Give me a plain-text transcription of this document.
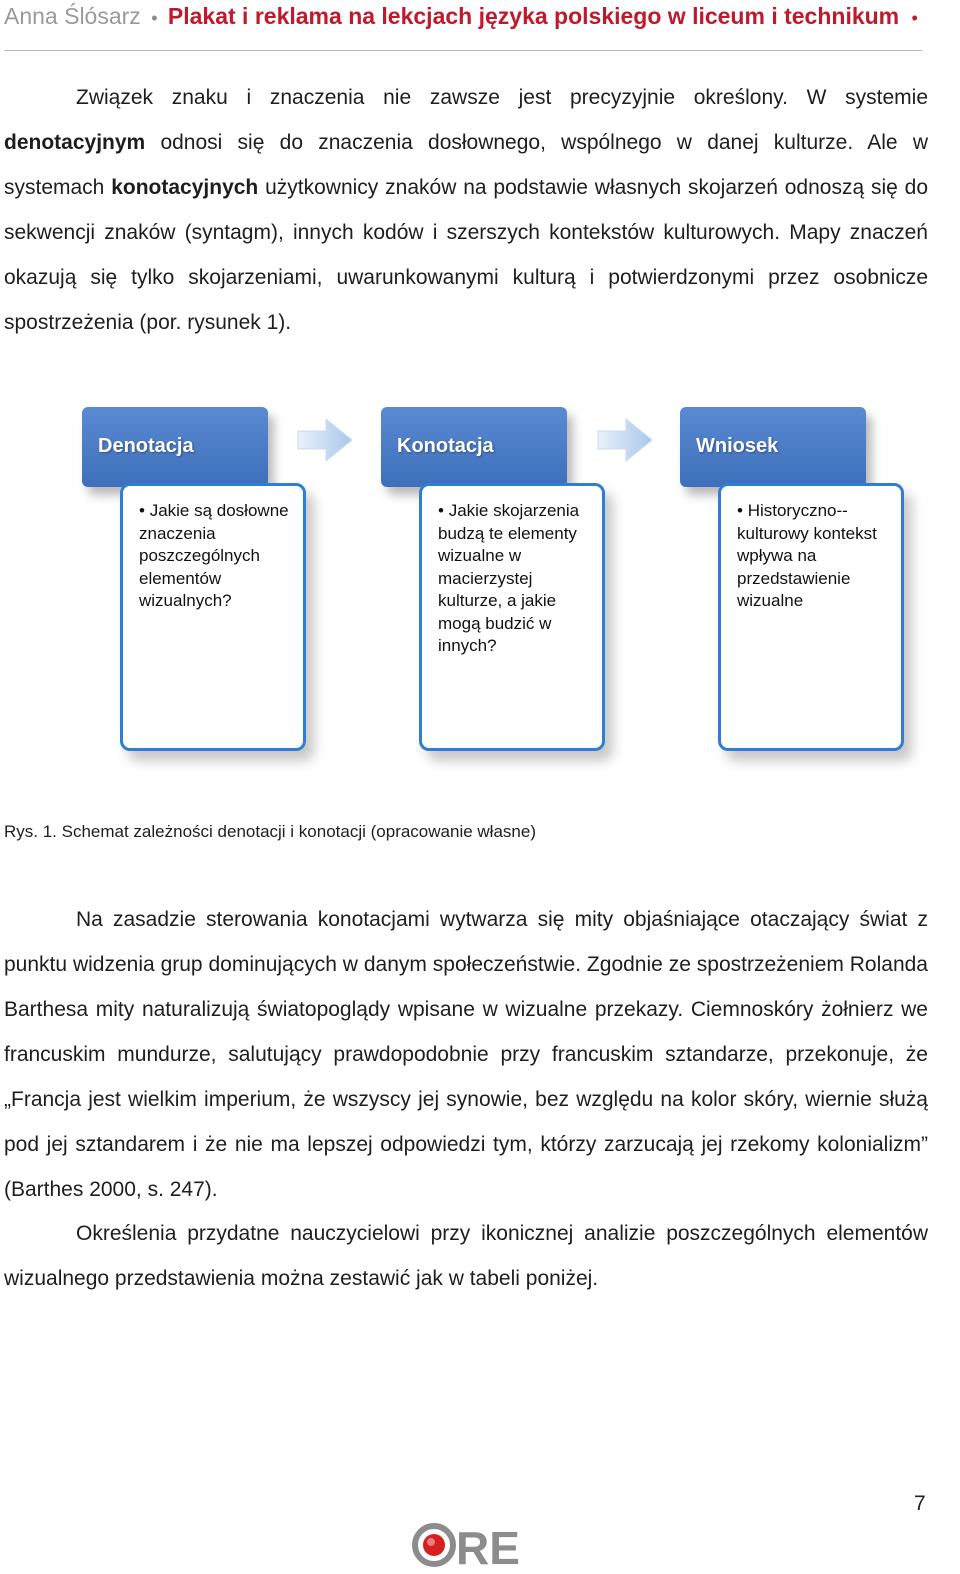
Anna Ślósarz • Plakat i reklama na lekcjach języka polskiego w liceum i technikum •

Związek znaku i znaczenia nie zawsze jest precyzyjnie określony. W systemie denotacyjnym odnosi się do znaczenia dosłownego, wspólnego w danej kulturze. Ale w systemach konotacyjnych użytkownicy znaków na podstawie własnych skojarzeń odnoszą się do sekwencji znaków (syntagm), innych kodów i szerszych kontekstów kulturowych. Mapy znaczeń okazują się tylko skojarzeniami, uwarunkowanymi kulturą i potwierdzonymi przez osobnicze spostrzeżenia (por. rysunek 1).

Denotacja
• Jakie są dosłowne znaczenia poszczególnych elementów wizualnych?
Konotacja
• Jakie skojarzenia budzą te elementy wizualne w macierzystej kulturze, a jakie mogą budzić w innych?
Wniosek
• Historyczno--kulturowy kontekst wpływa na przedstawienie wizualne
Rys. 1. Schemat zależności denotacji i konotacji (opracowanie własne)

Na zasadzie sterowania konotacjami wytwarza się mity objaśniające otaczający świat z punktu widzenia grup dominujących w danym społeczeństwie. Zgodnie ze spostrzeżeniem Rolanda Barthesa mity naturalizują światopoglądy wpisane w wizualne przekazy. Ciemnoskóry żołnierz we francuskim mundurze, salutujący prawdopodobnie przy francuskim sztandarze, przekonuje, że „Francja jest wielkim imperium, że wszyscy jej synowie, bez względu na kolor skóry, wiernie służą pod jej sztandarem i że nie ma lepszej odpowiedzi tym, którzy zarzucają jej rzekomy kolonializm” (Barthes 2000, s. 247).

Określenia przydatne nauczycielowi przy ikonicznej analizie poszczególnych elementów wizualnego przedstawienia można zestawić jak w tabeli poniżej.

7
RE
